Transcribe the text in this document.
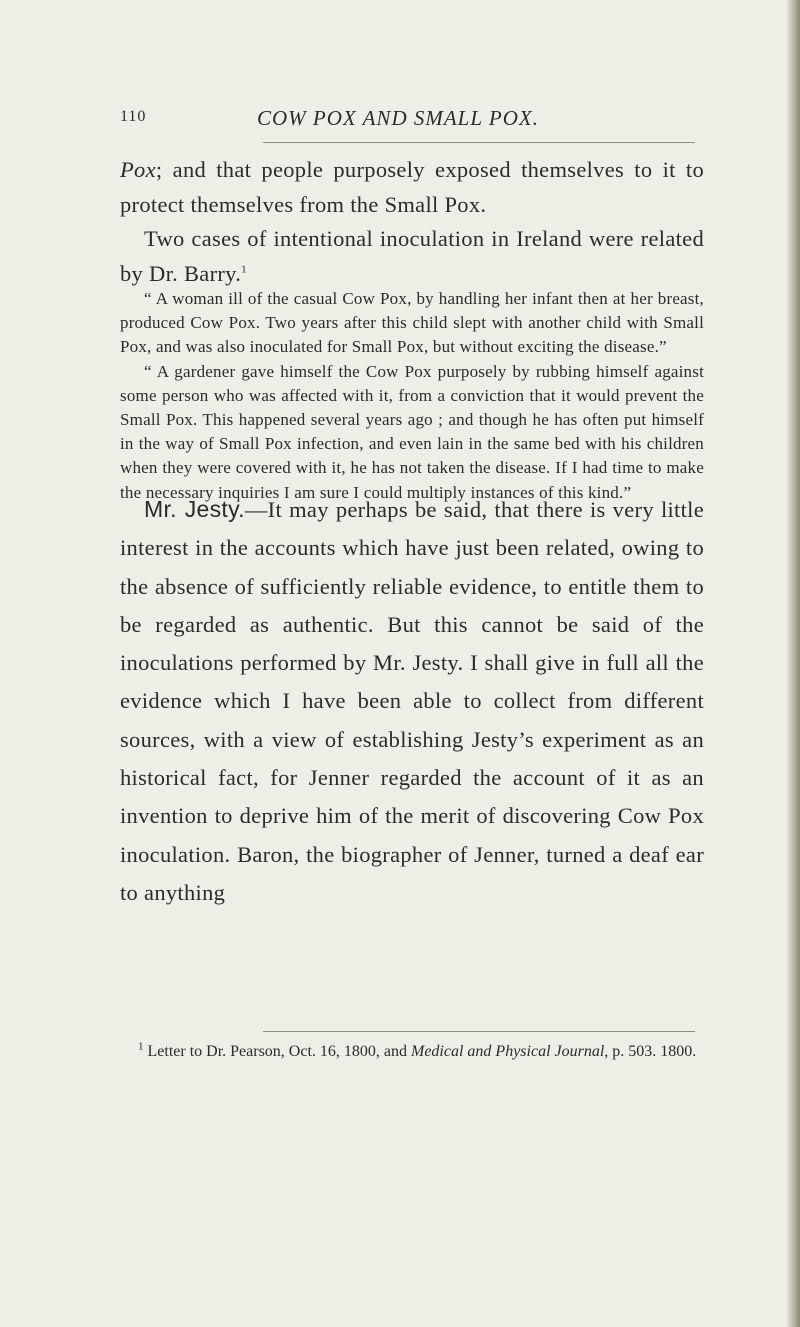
110	COW POX AND SMALL POX.

Pox; and that people purposely exposed themselves to it to protect themselves from the Small Pox.

Two cases of intentional inoculation in Ireland were related by Dr. Barry.$^1$

“ A woman ill of the casual Cow Pox, by handling her infant then at her breast, produced Cow Pox. Two years after this child slept with another child with Small Pox, and was also inoculated for Small Pox, but without exciting the disease.”

“ A gardener gave himself the Cow Pox purposely by rubbing himself against some person who was affected with it, from a conviction that it would prevent the Small Pox. This happened several years ago ; and though he has often put himself in the way of Small Pox infection, and even lain in the same bed with his children when they were covered with it, he has not taken the disease. If I had time to make the necessary inquiries I am sure I could multiply instances of this kind.”

Mr. Jesty.—It may perhaps be said, that there is very little interest in the accounts which have just been related, owing to the absence of sufficiently reliable evidence, to entitle them to be regarded as authentic. But this cannot be said of the inoculations performed by Mr. Jesty. I shall give in full all the evidence which I have been able to collect from different sources, with a view of establishing Jesty’s experiment as an historical fact, for Jenner regarded the account of it as an invention to deprive him of the merit of discovering Cow Pox inoculation. Baron, the biographer of Jenner, turned a deaf ear to anything

$^1$ Letter to Dr. Pearson, Oct. 16, 1800, and Medical and Physical Journal, p. 503. 1800.
